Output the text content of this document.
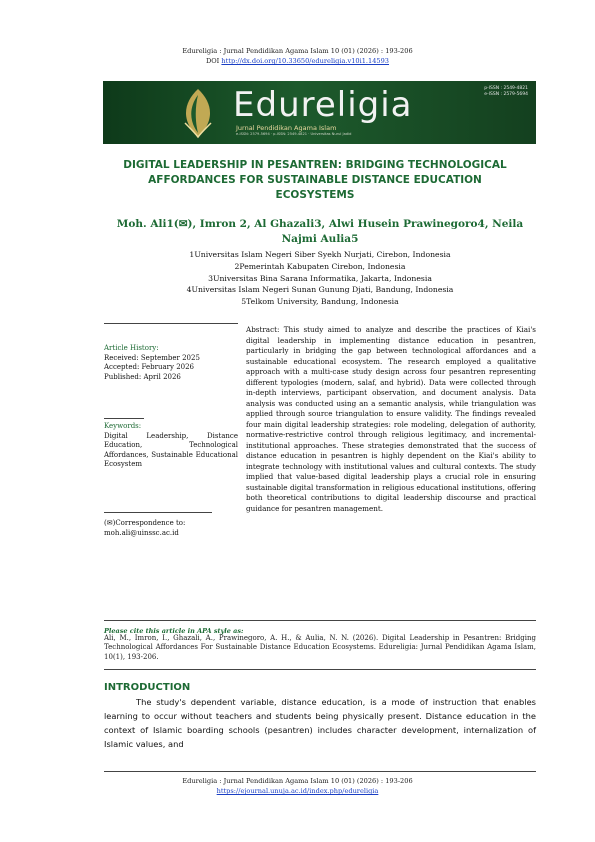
Edureligia : Jurnal Pendidikan Agama Islam 10 (01) (2026) : 193-206
DOI http://dx.doi.org/10.33650/edureligia.v10i1.14593
Edureligia
Jurnal Pendidikan Agama Islam
e-ISSN: 2579-5694 · p-ISSN: 2549-4821 · Universitas Nurul Jadid
p-ISSN : 2549-4821
e-ISSN : 2579-5694
DIGITAL LEADERSHIP IN PESANTREN: BRIDGING TECHNOLOGICAL
AFFORDANCES FOR SUSTAINABLE DISTANCE EDUCATION
ECOSYSTEMS
Moh. Ali1(✉), Imron 2, Al Ghazali3, Alwi Husein Prawinegoro4, Neila Najmi Aulia5
1Universitas Islam Negeri Siber Syekh Nurjati, Cirebon, Indonesia
2Pemerintah Kabupaten Cirebon, Indonesia
3Universitas Bina Sarana Informatika, Jakarta, Indonesia
4Universitas Islam Negeri Sunan Gunung Djati, Bandung, Indonesia
5Telkom University, Bandung, Indonesia
Article History:
Received: September 2025
Accepted: February 2026
Published: April 2026
Keywords:
Digital Leadership, Distance Education, Technological Affordances, Sustainable Educational Ecosystem
(✉)Correspondence to:
moh.ali@uinssc.ac.id
Abstract: This study aimed to analyze and describe the practices of Kiai's digital leadership in implementing distance education in pesantren, particularly in bridging the gap between technological affordances and a sustainable educational ecosystem. The research employed a qualitative approach with a multi-case study design across four pesantren representing different typologies (modern, salaf, and hybrid). Data were collected through in-depth interviews, participant observation, and document analysis. Data analysis was conducted using an a semantic analysis, while triangulation was applied through source triangulation to ensure validity. The findings revealed four main digital leadership strategies: role modeling, delegation of authority, normative-restrictive control through religious legitimacy, and incremental-institutional approaches. These strategies demonstrated that the success of distance education in pesantren is highly dependent on the Kiai's ability to integrate technology with institutional values and cultural contexts. The study implied that value-based digital leadership plays a crucial role in ensuring sustainable digital transformation in religious educational institutions, offering both theoretical contributions to digital leadership discourse and practical guidance for pesantren management.
Please cite this article in APA style as:
Ali, M., Imron, I., Ghazali, A., Prawinegoro, A. H., & Aulia, N. N. (2026). Digital Leadership in Pesantren: Bridging Technological Affordances For Sustainable Distance Education Ecosystems. Edureligia: Jurnal Pendidikan Agama Islam, 10(1), 193-206.
INTRODUCTION
The study's dependent variable, distance education, is a mode of instruction that enables learning to occur without teachers and students being physically present. Distance education in the context of Islamic boarding schools (pesantren) includes character development, internalization of Islamic values, and
Edureligia : Jurnal Pendidikan Agama Islam 10 (01) (2026) : 193-206
https://ejournal.unuja.ac.id/index.php/edureligia
